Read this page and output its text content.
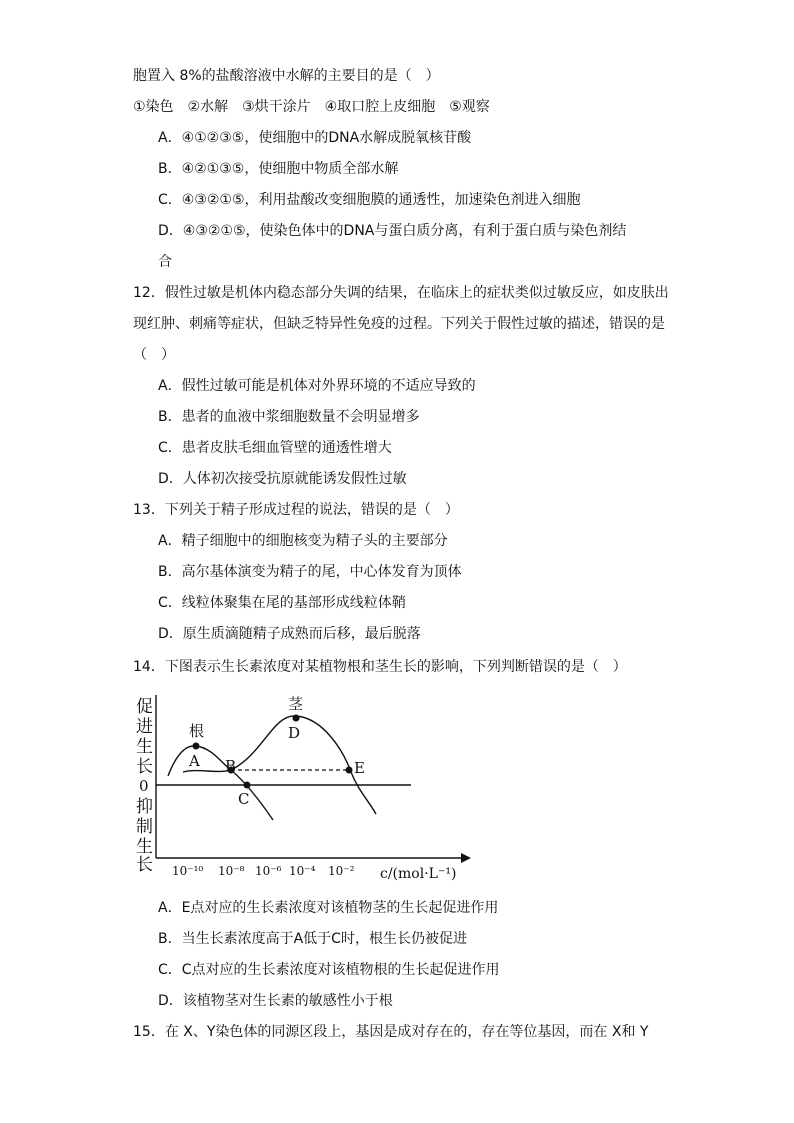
胞置入 8%的盐酸溶液中水解的主要目的是（　）
①染色　②水解　③烘干涂片　④取口腔上皮细胞　⑤观察
A．④①②③⑤，使细胞中的DNA水解成脱氧核苷酸
B．④②①③⑤，使细胞中物质全部水解
C．④③②①⑤，利用盐酸改变细胞膜的通透性，加速染色剂进入细胞
D．④③②①⑤，使染色体中的DNA与蛋白质分离，有利于蛋白质与染色剂结
合
12．假性过敏是机体内稳态部分失调的结果，在临床上的症状类似过敏反应，如皮肤出
现红肿、刺痛等症状，但缺乏特异性免疫的过程。下列关于假性过敏的描述，错误的是
（　）
A．假性过敏可能是机体对外界环境的不适应导致的
B．患者的血液中浆细胞数量不会明显增多
C．患者皮肤毛细血管壁的通透性增大
D．人体初次接受抗原就能诱发假性过敏
13．下列关于精子形成过程的说法，错误的是（　）
A．精子细胞中的细胞核变为精子头的主要部分
B．高尔基体演变为精子的尾，中心体发育为顶体
C．线粒体聚集在尾的基部形成线粒体鞘
D．原生质滴随精子成熟而后移，最后脱落
14．下图表示生长素浓度对某植物根和茎生长的影响，下列判断错误的是（　）
促
进
生
长
0
抑
制
生
长
根
茎
A B
C
D
E
10⁻¹⁰ 10⁻⁸ 10⁻⁶ 10⁻⁴ 10⁻² c/(mol·L⁻¹)
A．E点对应的生长素浓度对该植物茎的生长起促进作用
B．当生长素浓度高于A低于C时，根生长仍被促进
C．C点对应的生长素浓度对该植物根的生长起促进作用
D．该植物茎对生长素的敏感性小于根
15．在 X、Y染色体的同源区段上，基因是成对存在的，存在等位基因，而在 X和 Y
